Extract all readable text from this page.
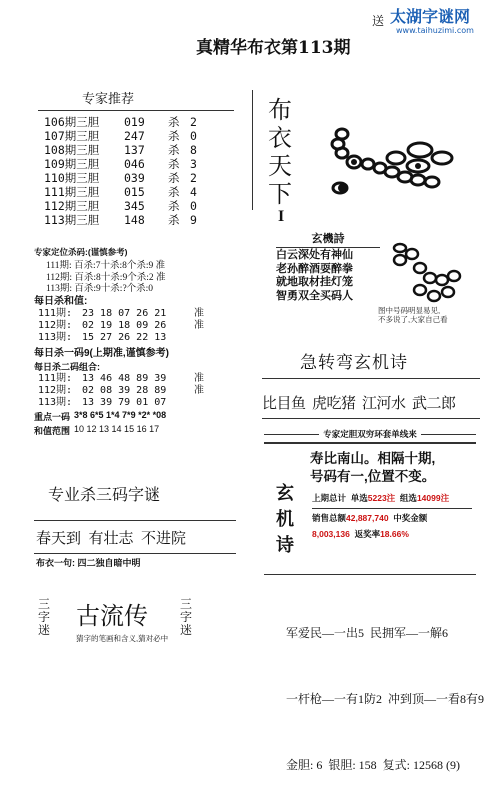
送 太湖字谜网
www.taihuzimi.com
真精华布衣第113期
专家推荐
106期三胆	019	杀 2
107期三胆	247	杀 0
108期三胆	137	杀 8
109期三胆	046	杀 3
110期三胆	039	杀 2
111期三胆	015	杀 4
112期三胆	345	杀 0
113期三胆	148	杀 9
专家定位杀码:(谨慎参考)
111期: 百杀:7十杀:8个杀:9 准
112期: 百杀:8十杀:9个杀:2 准
113期: 百杀:9十杀:?个杀:0
每日杀和值:
111期: 23 18 07 26 21	准
112期: 02 19 18 09 26	准
113期: 15 27 26 22 13
每日杀一码9(上期准,谨慎参考)
每日杀二码组合:
111期: 13 46 48 89 39	准
112期: 02 08 39 28 89	准
113期: 13 39 79 01 07
重点一码 3*8 6*5 1*4 7*9 *2* *08
和值范围 10 12 13 14 15 16 17
专业杀三码字谜
春天到  有壮志  不进院
布衣一句: 四二独自暗中明
三字迷 古流传
猜字的笔画和含义,猜对必中
三字迷
布
衣
天
下
I
玄機詩
白云深处有神仙
老孙醉酒耍醉拳
就地取材挂灯笼
智勇双全买码人
图中号码明显易见,
不多说了,大家自己看
急转弯玄机诗
比目鱼  虎吃猪  江河水  武二郎
专家定胆双穷环套单线来
玄
机
诗
寿比南山。相隔十期,
号码有一,位置不变。
上期总计 单选5223注 组选14099注
销售总额42,887,740 中奖金额
8,003,136 返奖率18.66%

军爱民—一出5  民拥军—一解6

一杆枪—一有1防2  冲到顶—一看8有9

金胆: 6  银胆: 158  复式: 12568 (9)
